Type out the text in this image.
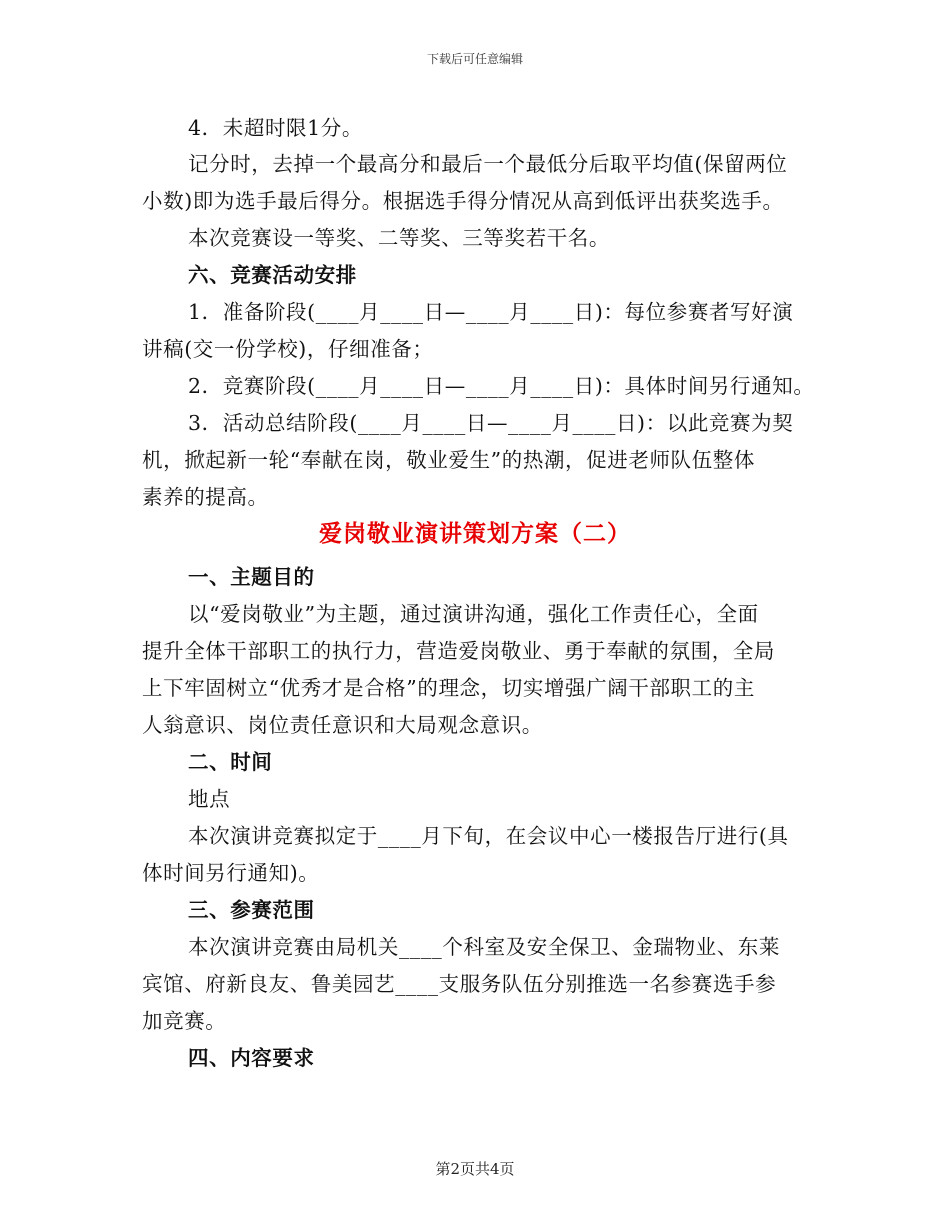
下载后可任意编辑
4．未超时限1分。
记分时，去掉一个最高分和最后一个最低分后取平均值(保留两位
小数)即为选手最后得分。根据选手得分情况从高到低评出获奖选手。
本次竞赛设一等奖、二等奖、三等奖若干名。
六、竞赛活动安排
1．准备阶段(____月____日—____月____日)：每位参赛者写好演
讲稿(交一份学校)，仔细准备；
2．竞赛阶段(____月____日—____月____日)：具体时间另行通知。
3．活动总结阶段(____月____日—____月____日)：以此竞赛为契
机，掀起新一轮“奉献在岗，敬业爱生”的热潮，促进老师队伍整体
素养的提高。
爱岗敬业演讲策划方案（二）
一、主题目的
以“爱岗敬业”为主题，通过演讲沟通，强化工作责任心，全面
提升全体干部职工的执行力，营造爱岗敬业、勇于奉献的氛围，全局
上下牢固树立“优秀才是合格”的理念，切实增强广阔干部职工的主
人翁意识、岗位责任意识和大局观念意识。
二、时间
地点
本次演讲竞赛拟定于____月下旬，在会议中心一楼报告厅进行(具
体时间另行通知)。
三、参赛范围
本次演讲竞赛由局机关____个科室及安全保卫、金瑞物业、东莱
宾馆、府新良友、鲁美园艺____支服务队伍分别推选一名参赛选手参
加竞赛。
四、内容要求
第2页共4页
